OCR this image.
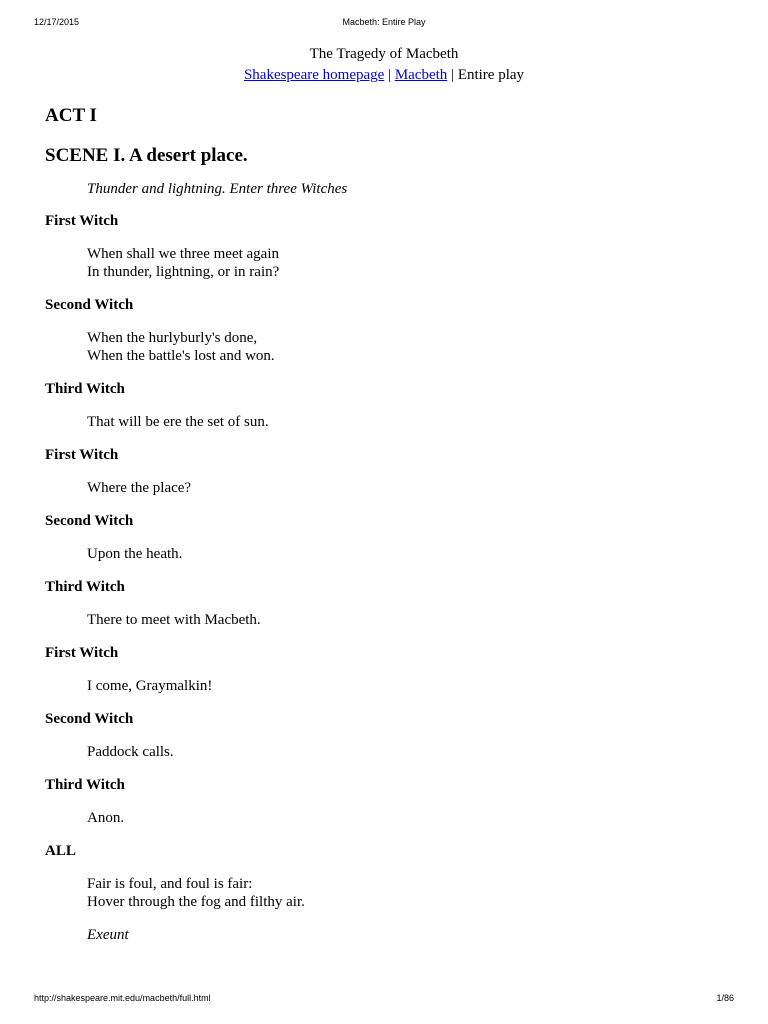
12/17/2015	Macbeth: Entire Play
The Tragedy of Macbeth
Shakespeare homepage | Macbeth | Entire play
ACT I
SCENE I. A desert place.
Thunder and lightning. Enter three Witches
First Witch
When shall we three meet again
In thunder, lightning, or in rain?
Second Witch
When the hurlyburly's done,
When the battle's lost and won.
Third Witch
That will be ere the set of sun.
First Witch
Where the place?
Second Witch
Upon the heath.
Third Witch
There to meet with Macbeth.
First Witch
I come, Graymalkin!
Second Witch
Paddock calls.
Third Witch
Anon.
ALL
Fair is foul, and foul is fair:
Hover through the fog and filthy air.
Exeunt
http://shakespeare.mit.edu/macbeth/full.html	1/86
